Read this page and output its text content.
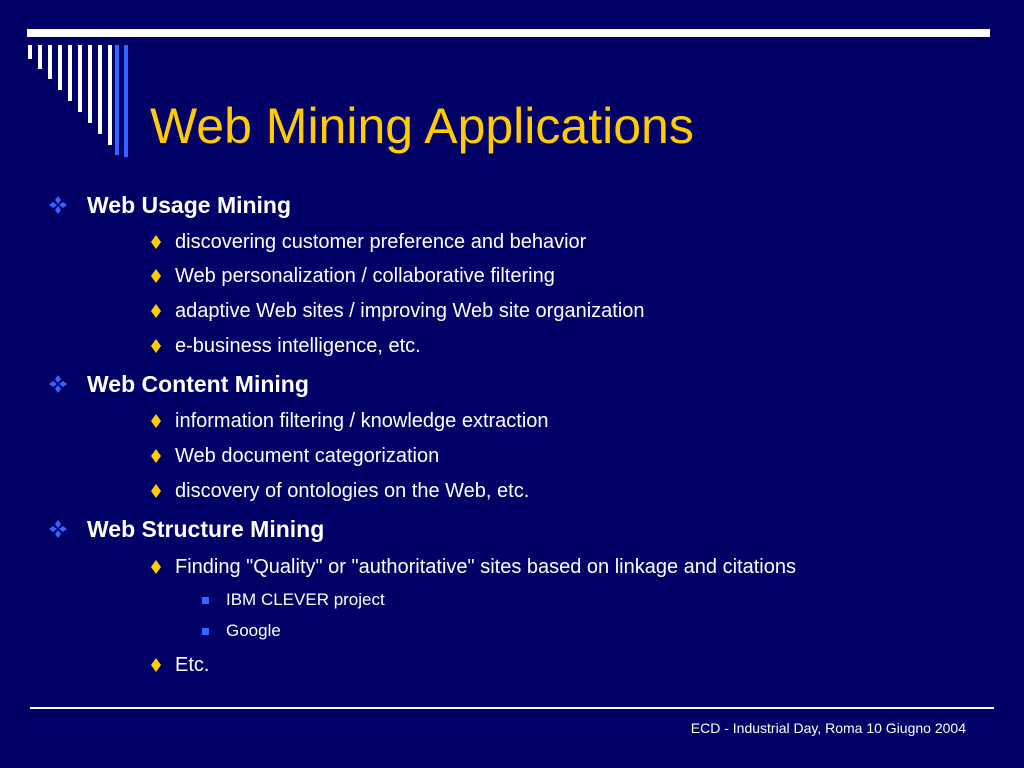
Web Mining Applications
Web Usage Mining
discovering customer preference and behavior
Web personalization / collaborative filtering
adaptive Web sites / improving Web site organization
e-business intelligence, etc.
Web Content Mining
information filtering / knowledge extraction
Web document categorization
discovery of ontologies on the Web, etc.
Web Structure Mining
Finding "Quality" or "authoritative" sites based on linkage and citations
IBM CLEVER project
Google
Etc.
ECD - Industrial Day, Roma 10 Giugno 2004
